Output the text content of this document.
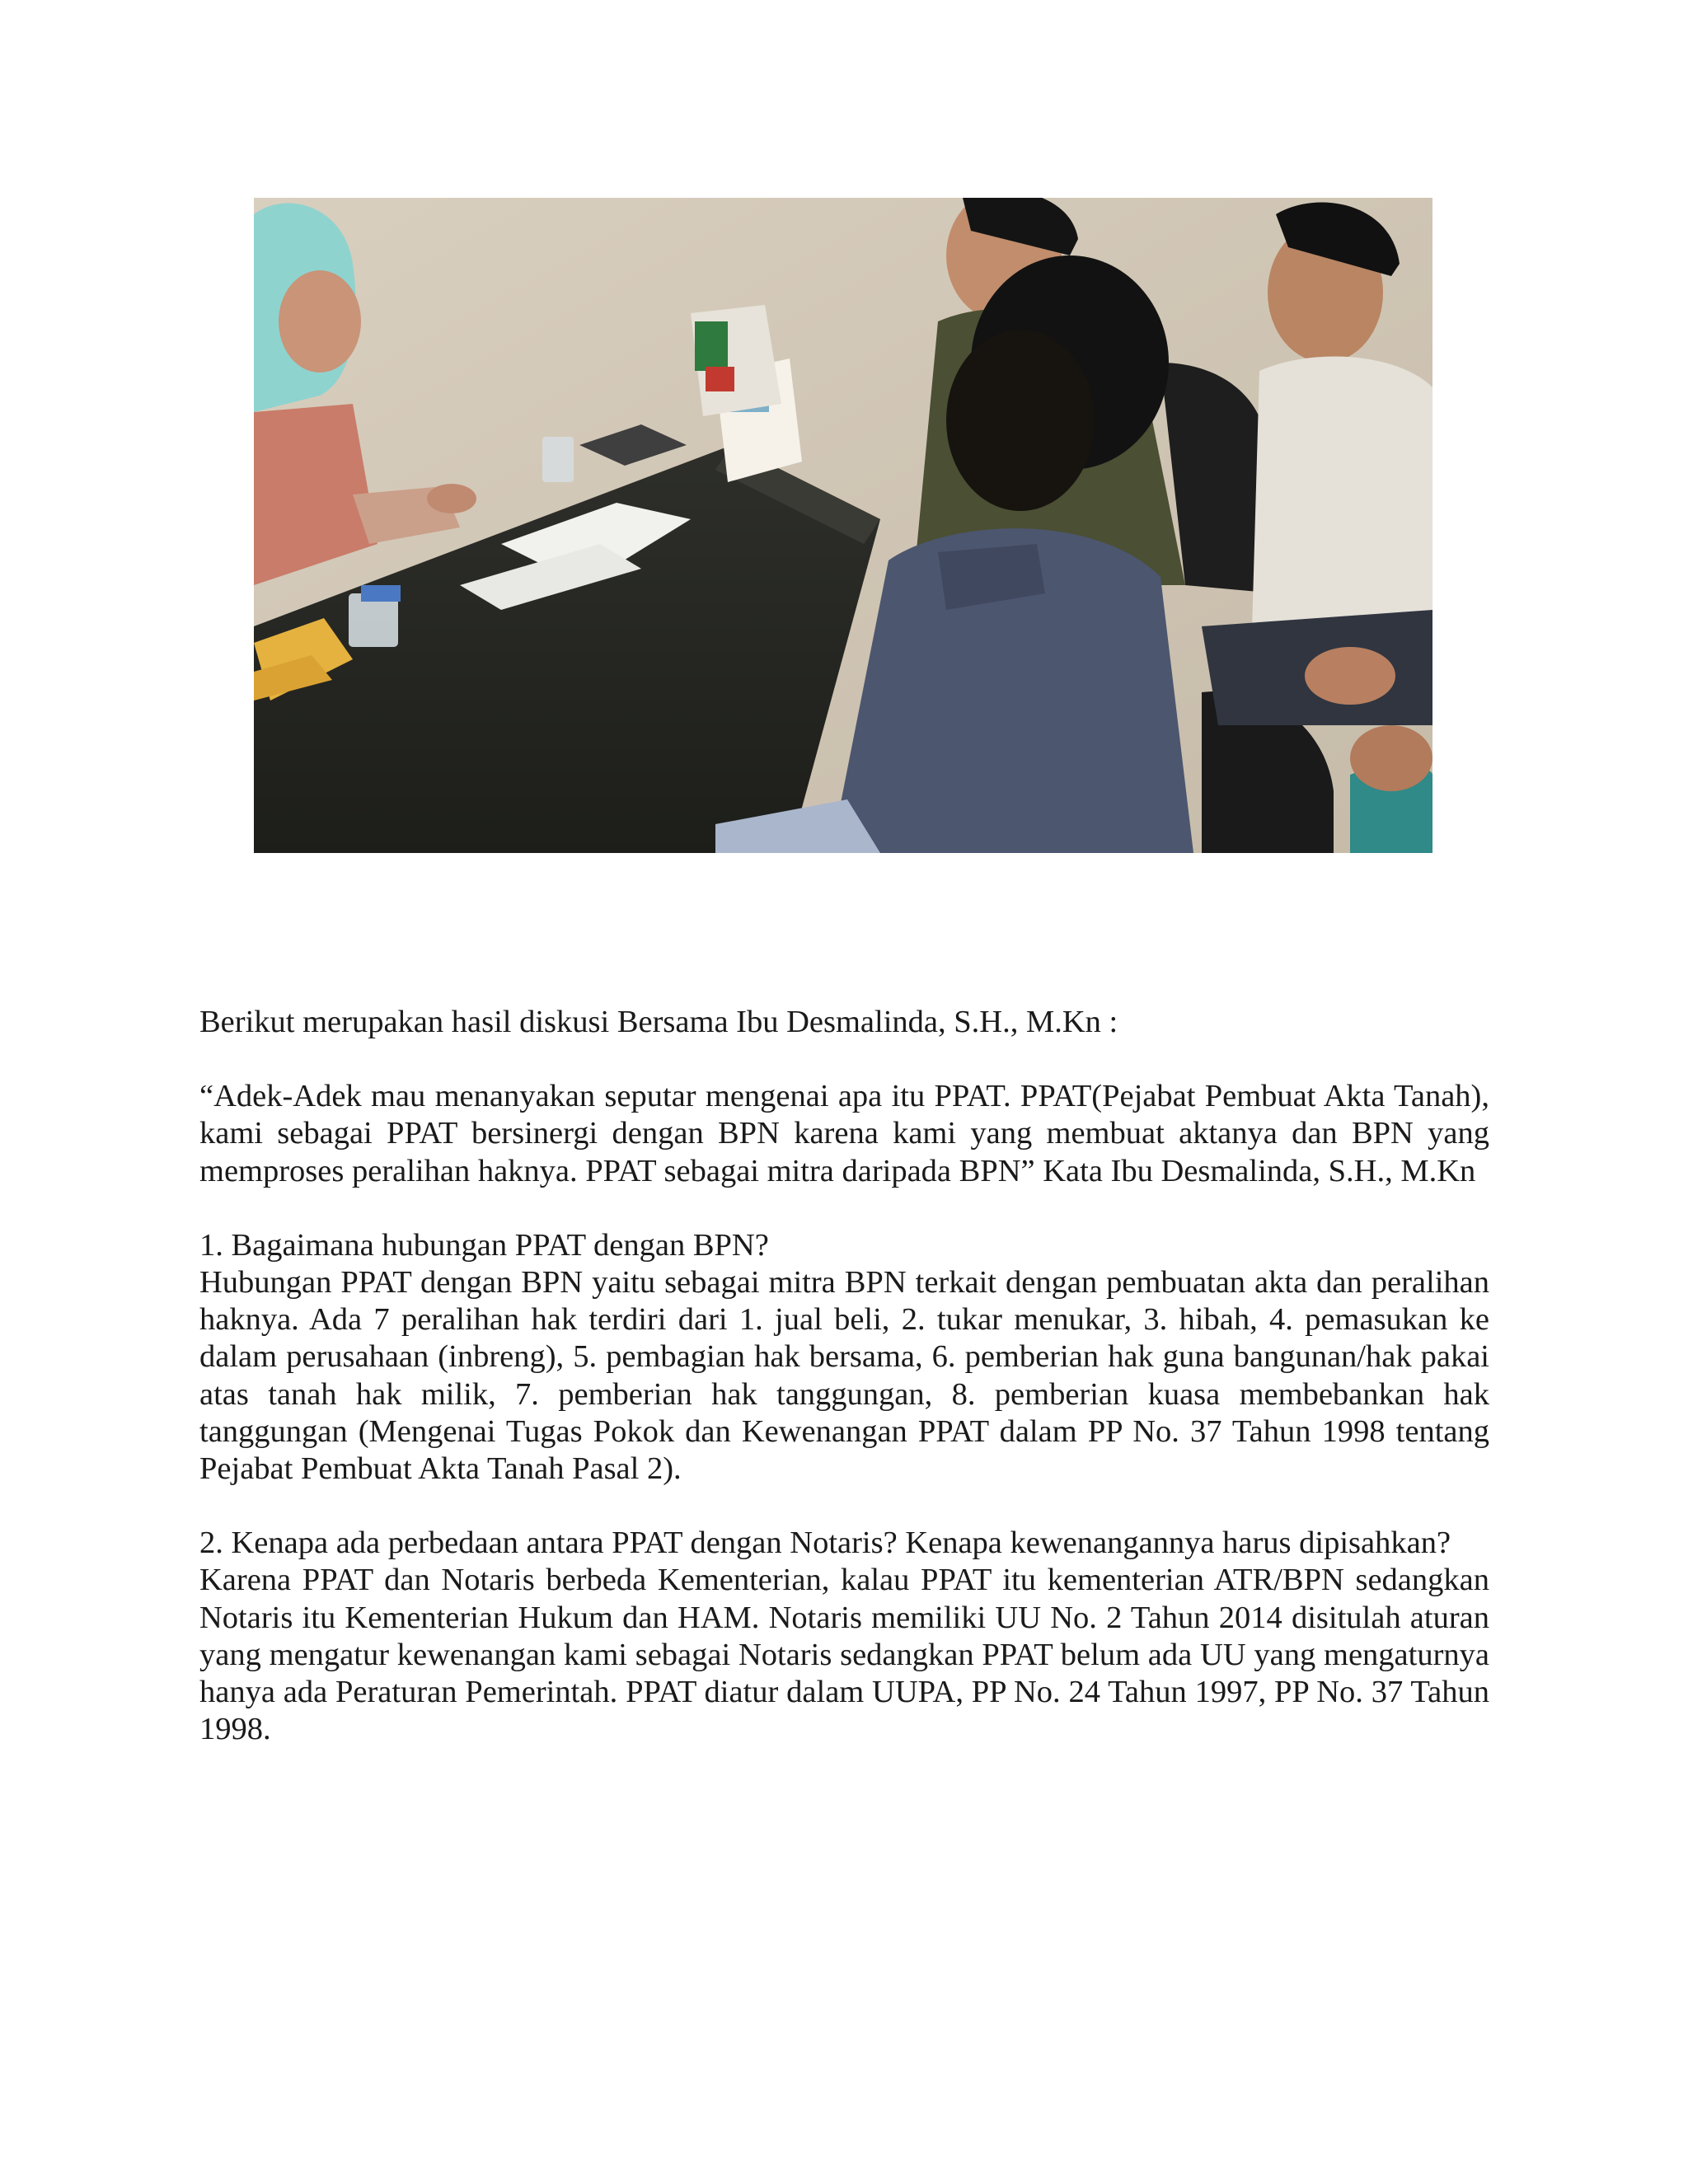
Berikut merupakan hasil diskusi Bersama Ibu Desmalinda, S.H., M.Kn :

“Adek-Adek mau menanyakan seputar mengenai apa itu PPAT. PPAT(Pejabat Pembuat Akta Tanah), kami sebagai PPAT bersinergi dengan BPN karena kami yang membuat aktanya dan BPN yang memproses peralihan haknya. PPAT sebagai mitra daripada BPN” Kata Ibu Desmalinda, S.H., M.Kn

1. Bagaimana hubungan PPAT dengan BPN?

Hubungan PPAT dengan BPN yaitu sebagai mitra BPN terkait dengan pembuatan akta dan peralihan haknya. Ada 7 peralihan hak terdiri dari 1. jual beli, 2. tukar menukar, 3. hibah, 4. pemasukan ke dalam perusahaan (inbreng), 5. pembagian hak bersama, 6. pemberian hak guna bangunan/hak pakai atas tanah hak milik, 7. pemberian hak tanggungan, 8. pemberian kuasa membebankan hak tanggungan (Mengenai Tugas Pokok dan Kewenangan PPAT dalam PP No. 37 Tahun 1998 tentang Pejabat Pembuat Akta Tanah Pasal 2).

2. Kenapa ada perbedaan antara PPAT dengan Notaris? Kenapa kewenangannya harus dipisahkan?

Karena PPAT dan Notaris berbeda Kementerian, kalau PPAT itu kementerian ATR/BPN sedangkan Notaris itu Kementerian Hukum dan HAM. Notaris memiliki UU No. 2 Tahun 2014 disitulah aturan yang mengatur kewenangan kami sebagai Notaris sedangkan PPAT belum ada UU yang mengaturnya hanya ada Peraturan Pemerintah. PPAT diatur dalam UUPA, PP No. 24 Tahun 1997, PP No. 37 Tahun 1998.
